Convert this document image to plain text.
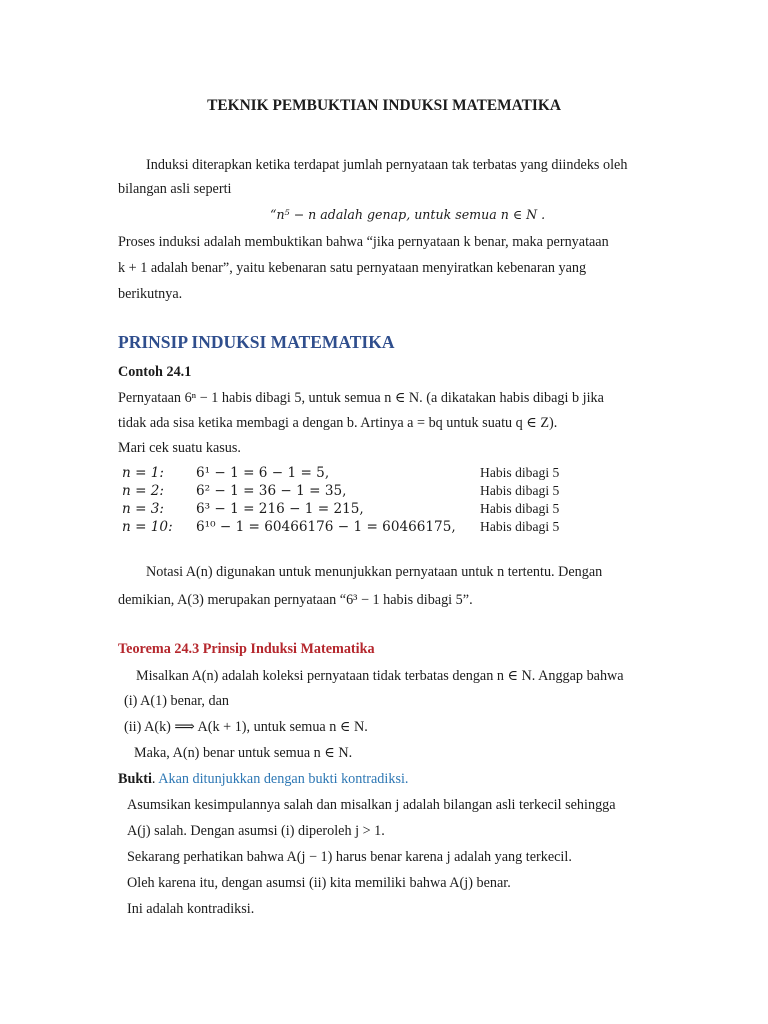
TEKNIK PEMBUKTIAN INDUKSI MATEMATIKA
Induksi diterapkan ketika terdapat jumlah pernyataan tak terbatas yang diindeks oleh
bilangan asli seperti
“n⁵ − n adalah genap, untuk semua n ∈ N .
Proses induksi adalah membuktikan bahwa “jika pernyataan k benar, maka pernyataan
k + 1 adalah benar”, yaitu kebenaran satu pernyataan menyiratkan kebenaran yang
berikutnya.
PRINSIP INDUKSI MATEMATIKA
Contoh 24.1
Pernyataan 6ⁿ − 1 habis dibagi 5, untuk semua n ∈ N. (a dikatakan habis dibagi b jika
tidak ada sisa ketika membagi a dengan b. Artinya a = bq untuk suatu q ∈ Z).
Mari cek suatu kasus.
n = 1: 6¹ − 1 = 6 − 1 = 5,	Habis dibagi 5
n = 2: 6² − 1 = 36 − 1 = 35,	Habis dibagi 5
n = 3: 6³ − 1 = 216 − 1 = 215,	Habis dibagi 5
n = 10: 6¹⁰ − 1 = 60466176 − 1 = 60466175, Habis dibagi 5
Notasi A(n) digunakan untuk menunjukkan pernyataan untuk n tertentu. Dengan
demikian, A(3) merupakan pernyataan “6³ − 1 habis dibagi 5”.
Teorema 24.3 Prinsip Induksi Matematika
Misalkan A(n) adalah koleksi pernyataan tidak terbatas dengan n ∈ N. Anggap bahwa
(i) A(1) benar, dan
(ii) A(k) ⟹ A(k + 1), untuk semua n ∈ N.
Maka, A(n) benar untuk semua n ∈ N.
Bukti. Akan ditunjukkan dengan bukti kontradiksi.
Asumsikan kesimpulannya salah dan misalkan j adalah bilangan asli terkecil sehingga
A(j) salah. Dengan asumsi (i) diperoleh j > 1.
Sekarang perhatikan bahwa A(j − 1) harus benar karena j adalah yang terkecil.
Oleh karena itu, dengan asumsi (ii) kita memiliki bahwa A(j) benar.
Ini adalah kontradiksi.
